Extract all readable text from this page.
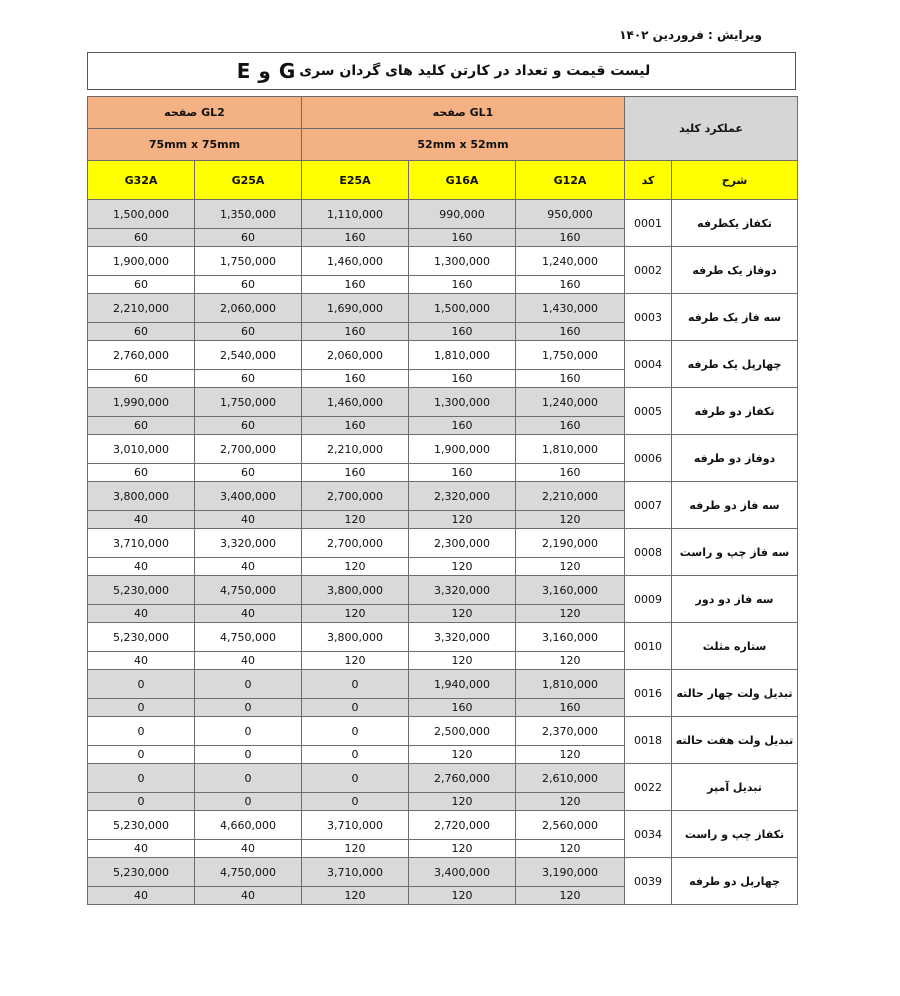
ویرایش : فروردین ۱۴۰۲
لیست قیمت و تعداد در کارتن کلید های گردان سری
G
و
E
صفحه GL2		صفحه GL1			عملکرد کلید	
75mm x 75mm		52mm x 52mm				
G32A	G25A	E25A	G16A	G12A	کد	شرح
1,500,000	1,350,000	1,110,000	990,000	950,000	0001	تکفاز یکطرفه
60	60	160	160	160		
1,900,000	1,750,000	1,460,000	1,300,000	1,240,000	0002	دوفاز یک طرفه
60	60	160	160	160		
2,210,000	2,060,000	1,690,000	1,500,000	1,430,000	0003	سه فاز یک طرفه
60	60	160	160	160		
2,760,000	2,540,000	2,060,000	1,810,000	1,750,000	0004	چهارپل یک طرفه
60	60	160	160	160		
1,990,000	1,750,000	1,460,000	1,300,000	1,240,000	0005	تکفاز دو طرفه
60	60	160	160	160		
3,010,000	2,700,000	2,210,000	1,900,000	1,810,000	0006	دوفاز دو طرفه
60	60	160	160	160		
3,800,000	3,400,000	2,700,000	2,320,000	2,210,000	0007	سه فاز دو طرفه
40	40	120	120	120		
3,710,000	3,320,000	2,700,000	2,300,000	2,190,000	0008	سه فاز چپ و راست
40	40	120	120	120		
5,230,000	4,750,000	3,800,000	3,320,000	3,160,000	0009	سه فاز دو دور
40	40	120	120	120		
5,230,000	4,750,000	3,800,000	3,320,000	3,160,000	0010	ستاره مثلث
40	40	120	120	120		
0	0	0	1,940,000	1,810,000	0016	تبدیل ولت چهار حالته
0	0	0	160	160		
0	0	0	2,500,000	2,370,000	0018	تبدیل ولت هفت حالته
0	0	0	120	120		
0	0	0	2,760,000	2,610,000	0022	تبدیل آمپر
0	0	0	120	120		
5,230,000	4,660,000	3,710,000	2,720,000	2,560,000	0034	تکفاز چپ و راست
40	40	120	120	120		
5,230,000	4,750,000	3,710,000	3,400,000	3,190,000	0039	چهارپل دو طرفه
40	40	120	120	120		
